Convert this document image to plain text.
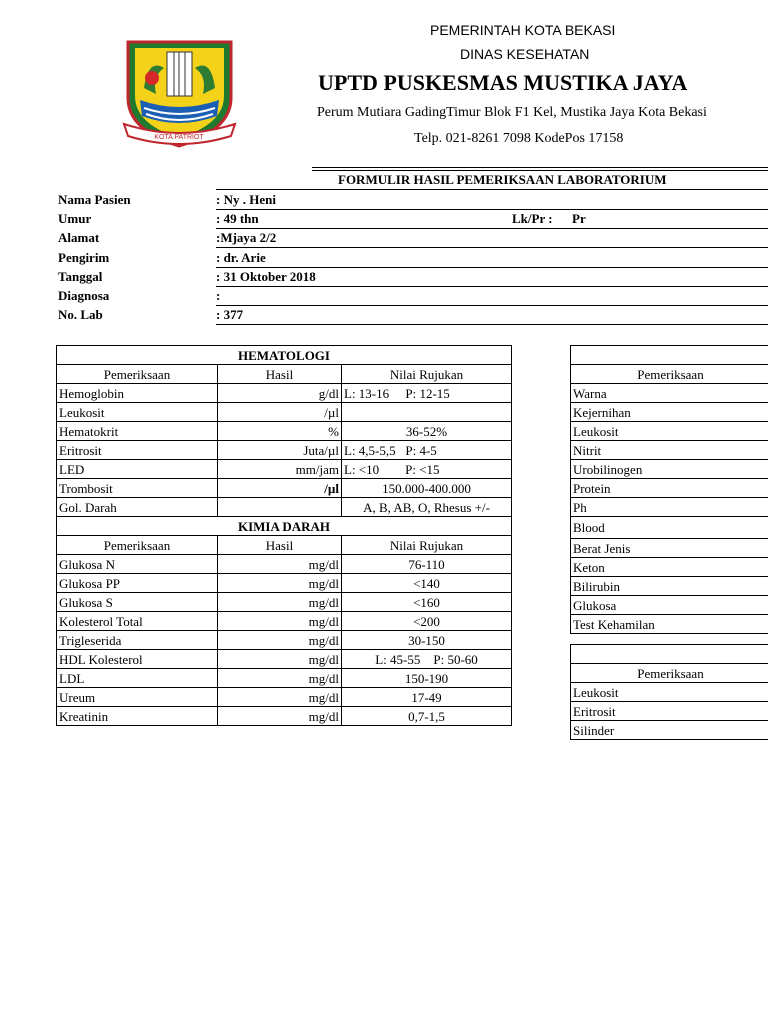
KOTA PATRIOT
PEMERINTAH KOTA BEKASI
DINAS KESEHATAN
UPTD PUSKESMAS MUSTIKA JAYA
Perum Mutiara GadingTimur Blok F1 Kel, Mustika Jaya Kota Bekasi
Telp. 021-8261 7098 KodePos 17158
FORMULIR HASIL PEMERIKSAAN LABORATORIUM
Nama Pasien	: Ny . Heni
Umur	: 49 thn	Lk/Pr : Pr
Alamat	:Mjaya 2/2
Pengirim	: dr. Arie
Tanggal	: 31 Oktober 2018
Diagnosa	:
No. Lab	: 377
HEMATOLOGI		
Pemeriksaan	Hasil	Nilai Rujukan
Hemoglobin	g/dl	L: 13-16     P: 12-15
Leukosit	/µl	
Hematokrit	%	36-52%
Eritrosit	Juta/µl	L: 4,5-5,5   P: 4-5
LED	mm/jam	L: <10        P: <15
Trombosit	/µl	150.000-400.000
Gol. Darah		A, B, AB, O, Rhesus +/-
KIMIA DARAH		
Pemeriksaan	Hasil	Nilai Rujukan
Glukosa N	mg/dl	76-110
Glukosa PP	mg/dl	<140
Glukosa S	mg/dl	<160
Kolesterol Total	mg/dl	<200
Trigleserida	mg/dl	30-150
HDL Kolesterol	mg/dl	L: 45-55    P: 50-60
LDL	mg/dl	150-190
Ureum	mg/dl	17-49
Kreatinin	mg/dl	0,7-1,5

Pemeriksaan
Warna
Kejernihan
Leukosit
Nitrit
Urobilinogen
Protein
Ph
Blood
Berat Jenis
Keton
Bilirubin
Glukosa
Test Kehamilan

Pemeriksaan
Leukosit
Eritrosit
Silinder
